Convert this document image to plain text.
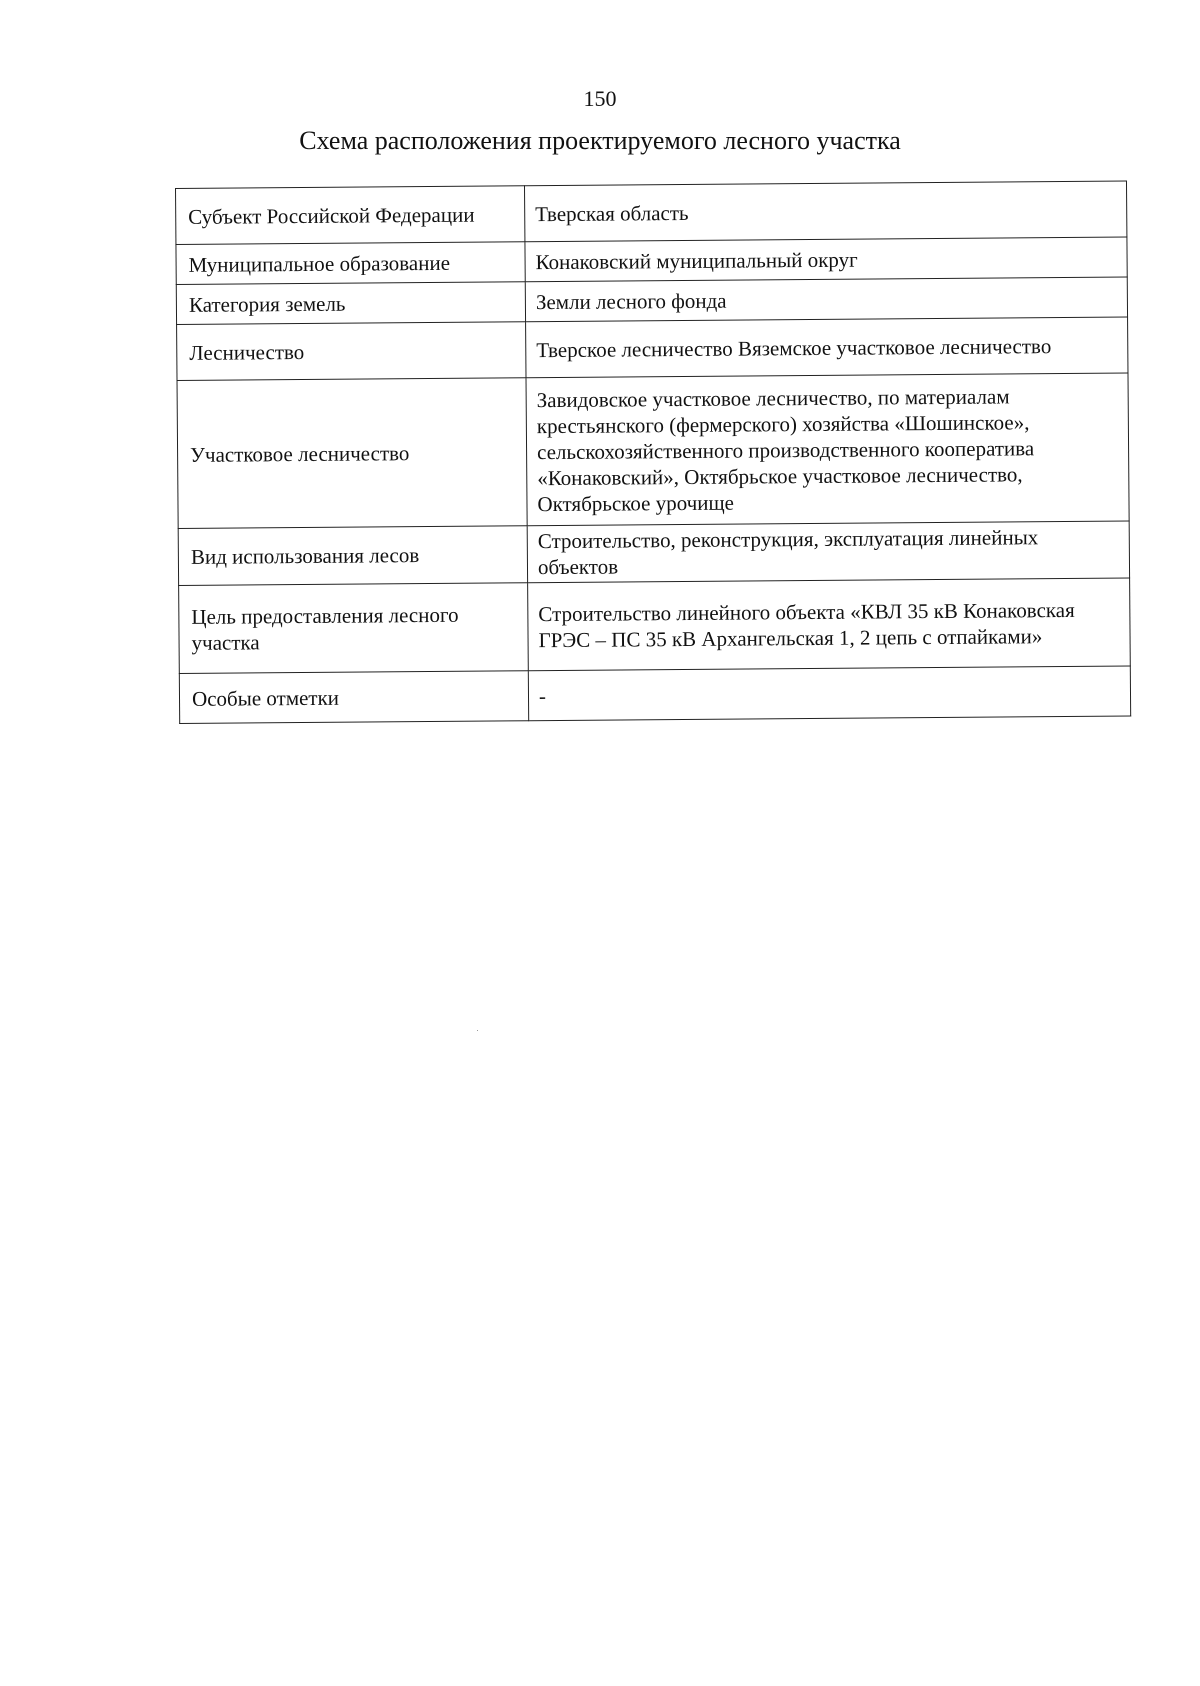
150
Схема расположения проектируемого лесного участка
Субъект Российской Федерации	Тверская область
Муниципальное образование	Конаковский муниципальный округ
Категория земель	Земли лесного фонда
Лесничество	Тверское лесничество Вяземское участковое лесничество
Участковое лесничество	Завидовское участковое лесничество, по материалам крестьянского (фермерского) хозяйства «Шошинское», сельскохозяйственного производственного кооператива «Конаковский», Октябрьское участковое лесничество, Октябрьское урочище
Вид использования лесов	Строительство, реконструкция, эксплуатация линейных объектов
Цель предоставления лесного участка	Строительство линейного объекта «КВЛ 35 кВ Конаковская ГРЭС – ПС 35 кВ Архангельская 1, 2 цепь с отпайками»
Особые отметки	-
